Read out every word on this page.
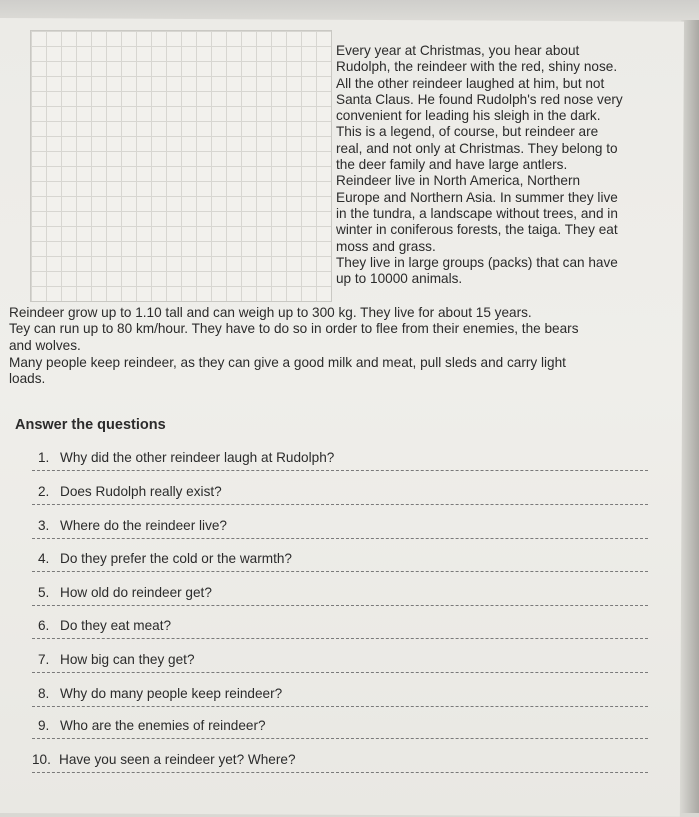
Every year at Christmas, you hear about
Rudolph, the reindeer with the red, shiny nose.
All the other reindeer laughed at him, but not
Santa Claus. He found Rudolph's red nose very
convenient for leading his sleigh in the dark.
This is a legend, of course, but reindeer are
real, and not only at Christmas. They belong to
the deer family and have large antlers.
Reindeer live in North America, Northern
Europe and Northern Asia. In summer they live
in the tundra, a landscape without trees, and in
winter in coniferous forests, the taiga. They eat
moss and grass.
They live in large groups (packs) that can have
up to 10000 animals.

Reindeer grow up to 1.10 tall and can weigh up to 300 kg. They live for about 15 years.
Tey can run up to 80 km/hour. They have to do so in order to flee from their enemies, the bears
and wolves.

Many people keep reindeer, as they can give a good milk and meat, pull sleds and carry light
loads.

Answer the questions
1. Why did the other reindeer laugh at Rudolph?
2. Does Rudolph really exist?
3. Where do the reindeer live?
4. Do they prefer the cold or the warmth?
5. How old do reindeer get?
6. Do they eat meat?
7. How big can they get?
8. Why do many people keep reindeer?
9. Who are the enemies of reindeer?
10. Have you seen a reindeer yet? Where?
